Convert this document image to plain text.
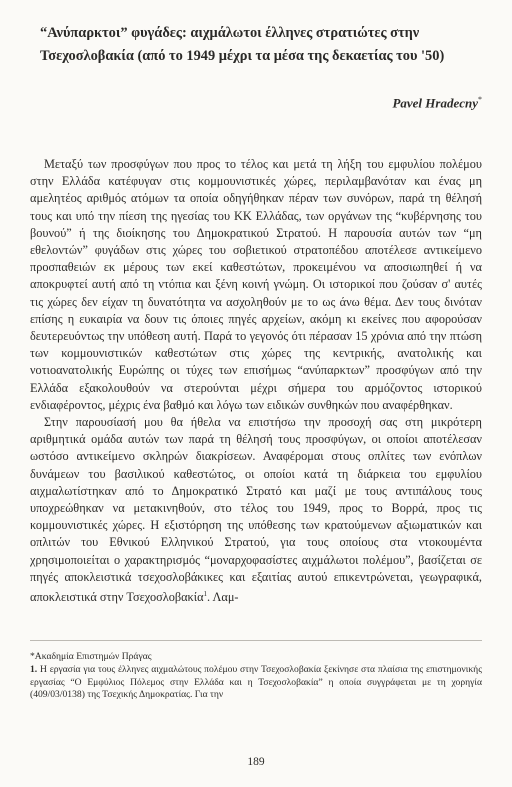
“Ανύπαρκτοι” φυγάδες: αιχμάλωτοι έλληνες στρατιώτες στην
Τσεχοσλοβακία (από το 1949 μέχρι τα μέσα της δεκαετίας του '50)

Pavel Hradecny*

Μεταξύ των προσφύγων που προς το τέλος και μετά τη λήξη του εμφυλίου πολέμου στην Ελλάδα κατέφυγαν στις κομμουνιστικές χώρες, περιλαμβανόταν και ένας μη αμελητέος αριθμός ατόμων τα οποία οδηγήθηκαν πέραν των συνόρων, παρά τη θέλησή τους και υπό την πίεση της ηγεσίας του ΚΚ Ελλάδας, των οργάνων της “κυβέρνησης του βουνού” ή της διοίκησης του Δημοκρατικού Στρατού. Η παρουσία αυτών των “μη εθελοντών” φυγάδων στις χώρες του σοβιετικού στρατοπέδου αποτέλεσε αντικείμενο προσπαθειών εκ μέρους των εκεί καθεστώτων, προκειμένου να αποσιωπηθεί ή να αποκρυφτεί αυτή από τη ντόπια και ξένη κοινή γνώμη. Οι ιστορικοί που ζούσαν σ' αυτές τις χώρες δεν είχαν τη δυνατότητα να ασχοληθούν με το ως άνω θέμα. Δεν τους δινόταν επίσης η ευκαιρία να δουν τις όποιες πηγές αρχείων, ακόμη κι εκείνες που αφορούσαν δευτερευόντως την υπόθεση αυτή. Παρά το γεγονός ότι πέρασαν 15 χρόνια από την πτώση των κομμουνιστικών καθεστώτων στις χώρες της κεντρικής, ανατολικής και νοτιοανατολικής Ευρώπης οι τύχες των επισήμως “ανύπαρκτων” προσφύγων από την Ελλάδα εξακολουθούν να στερούνται μέχρι σήμερα του αρμόζοντος ιστορικού ενδιαφέροντος, μέχρις ένα βαθμό και λόγω των ειδικών συνθηκών που αναφέρθηκαν.

Στην παρουσίασή μου θα ήθελα να επιστήσω την προσοχή σας στη μικρότερη αριθμητικά ομάδα αυτών των παρά τη θέλησή τους προσφύγων, οι οποίοι αποτέλεσαν ωστόσο αντικείμενο σκληρών διακρίσεων. Αναφέρομαι στους οπλίτες των ενόπλων δυνάμεων του βασιλικού καθεστώτος, οι οποίοι κατά τη διάρκεια του εμφυλίου αιχμαλωτίστηκαν από το Δημοκρατικό Στρατό και μαζί με τους αντιπάλους τους υποχρεώθηκαν να μετακινηθούν, στο τέλος του 1949, προς το Βορρά, προς τις κομμουνιστικές χώρες. Η εξιστόρηση της υπόθεσης των κρατούμενων αξιωματικών και οπλιτών του Εθνικού Ελληνικού Στρατού, για τους οποίους στα ντοκουμέντα χρησιμοποιείται ο χαρακτηρισμός “μοναρχοφασίστες αιχμάλωτοι πολέμου”, βασίζεται σε πηγές αποκλειστικά τσεχοσλοβάκικες και εξαιτίας αυτού επικεντρώνεται, γεωγραφικά, αποκλειστικά στην Τσεχοσλοβακία$^1$. Λαμ-

*Ακαδημία Επιστημών Πράγας

1. Η εργασία για τους έλληνες αιχμαλώτους πολέμου στην Τσεχοσλοβακία ξεκίνησε στα πλαίσια της επιστημονικής εργασίας “Ο Εμφύλιος Πόλεμος στην Ελλάδα και η Τσεχοσλοβακία” η οποία συγγράφεται με τη χορηγία (409/03/0138) της Τσεχικής Δημοκρατίας. Για την

189
